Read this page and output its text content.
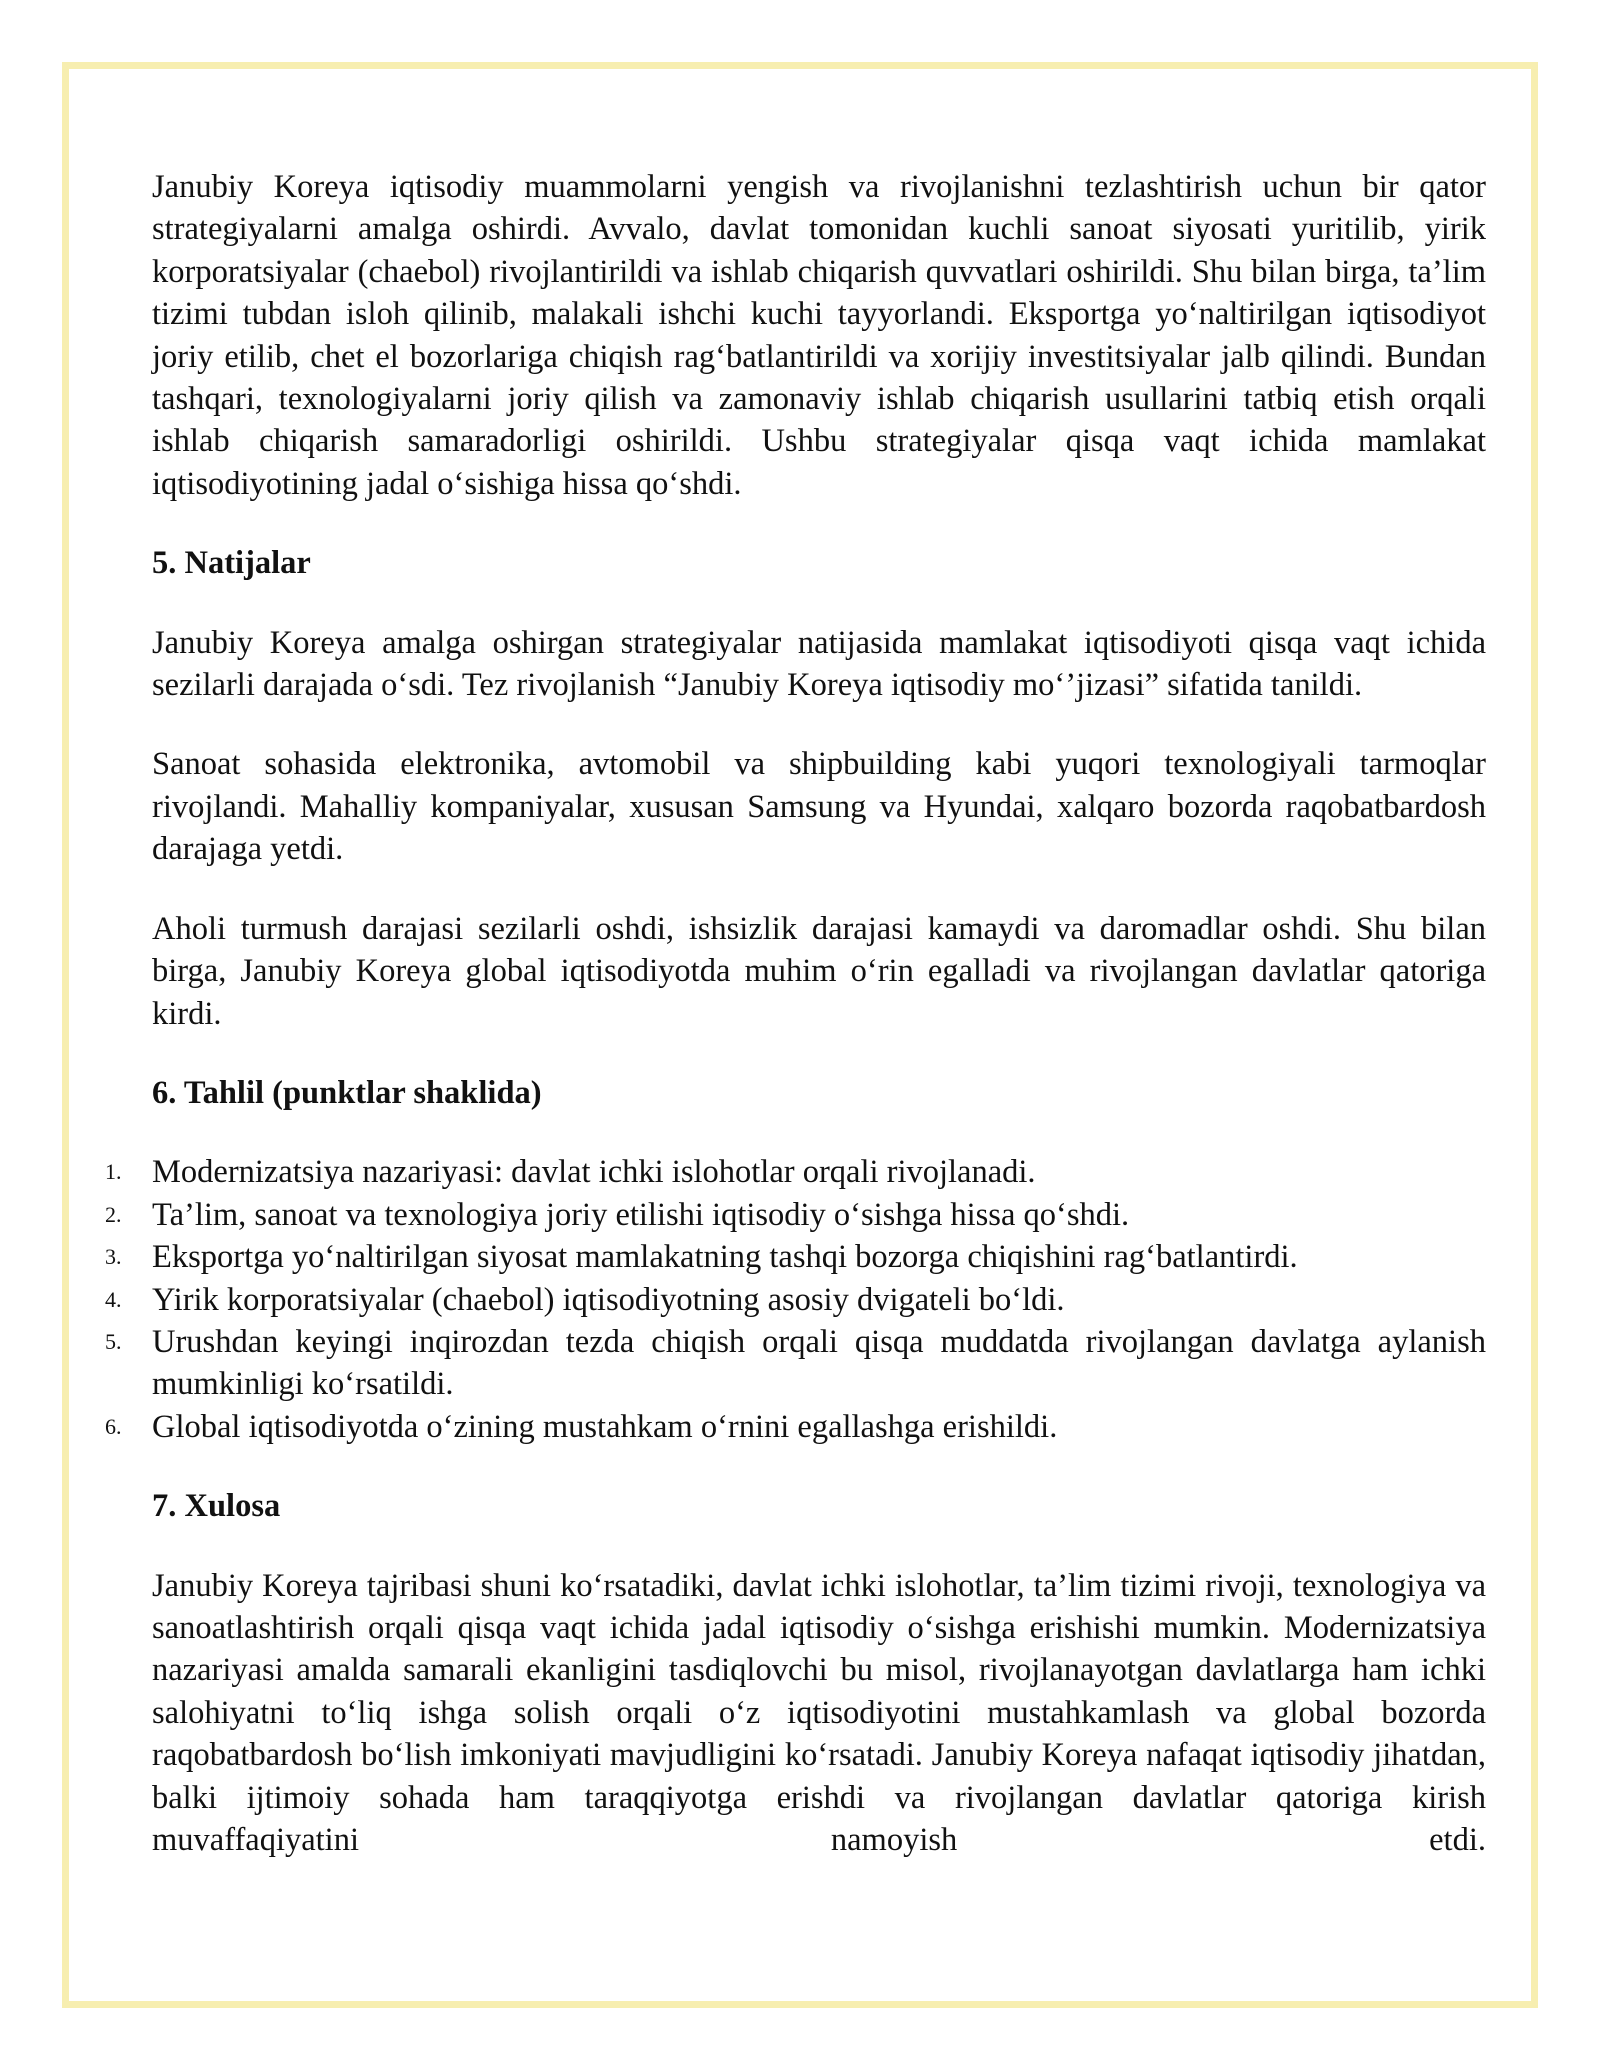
Janubiy Koreya iqtisodiy muammolarni yengish va rivojlanishni tezlashtirish uchun bir qator strategiyalarni amalga oshirdi. Avvalo, davlat tomonidan kuchli sanoat siyosati yuritilib, yirik korporatsiyalar (chaebol) rivojlantirildi va ishlab chiqarish quvvatlari oshirildi. Shu bilan birga, ta’lim tizimi tubdan isloh qilinib, malakali ishchi kuchi tayyorlandi. Eksportga yo‘naltirilgan iqtisodiyot joriy etilib, chet el bozorlariga chiqish rag‘batlantirildi va xorijiy investitsiyalar jalb qilindi. Bundan tashqari, texnologiyalarni joriy qilish va zamonaviy ishlab chiqarish usullarini tatbiq etish orqali ishlab chiqarish samaradorligi oshirildi. Ushbu strategiyalar qisqa vaqt ichida mamlakat iqtisodiyotining jadal o‘sishiga hissa qo‘shdi.

5. Natijalar

Janubiy Koreya amalga oshirgan strategiyalar natijasida mamlakat iqtisodiyoti qisqa vaqt ichida sezilarli darajada o‘sdi. Tez rivojlanish “Janubiy Koreya iqtisodiy mo‘’jizasi” sifatida tanildi.

Sanoat sohasida elektronika, avtomobil va shipbuilding kabi yuqori texnologiyali tarmoqlar rivojlandi. Mahalliy kompaniyalar, xususan Samsung va Hyundai, xalqaro bozorda raqobatbardosh darajaga yetdi.

Aholi turmush darajasi sezilarli oshdi, ishsizlik darajasi kamaydi va daromadlar oshdi. Shu bilan birga, Janubiy Koreya global iqtisodiyotda muhim o‘rin egalladi va rivojlangan davlatlar qatoriga kirdi.

6. Tahlil (punktlar shaklida)
1. Modernizatsiya nazariyasi: davlat ichki islohotlar orqali rivojlanadi.
2. Ta’lim, sanoat va texnologiya joriy etilishi iqtisodiy o‘sishga hissa qo‘shdi.
3. Eksportga yo‘naltirilgan siyosat mamlakatning tashqi bozorga chiqishini rag‘batlantirdi.
4. Yirik korporatsiyalar (chaebol) iqtisodiyotning asosiy dvigateli bo‘ldi.
5. Urushdan keyingi inqirozdan tezda chiqish orqali qisqa muddatda rivojlangan davlatga aylanish mumkinligi ko‘rsatildi.
6. Global iqtisodiyotda o‘zining mustahkam o‘rnini egallashga erishildi.
7. Xulosa

Janubiy Koreya tajribasi shuni ko‘rsatadiki, davlat ichki islohotlar, ta’lim tizimi rivoji, texnologiya va sanoatlashtirish orqali qisqa vaqt ichida jadal iqtisodiy o‘sishga erishishi mumkin. Modernizatsiya nazariyasi amalda samarali ekanligini tasdiqlovchi bu misol, rivojlanayotgan davlatlarga ham ichki salohiyatni to‘liq ishga solish orqali o‘z iqtisodiyotini mustahkamlash va global bozorda raqobatbardosh bo‘lish imkoniyati mavjudligini ko‘rsatadi. Janubiy Koreya nafaqat iqtisodiy jihatdan, balki ijtimoiy sohada ham taraqqiyotga erishdi va rivojlangan davlatlar qatoriga kirish muvaffaqiyatini namoyish etdi.
